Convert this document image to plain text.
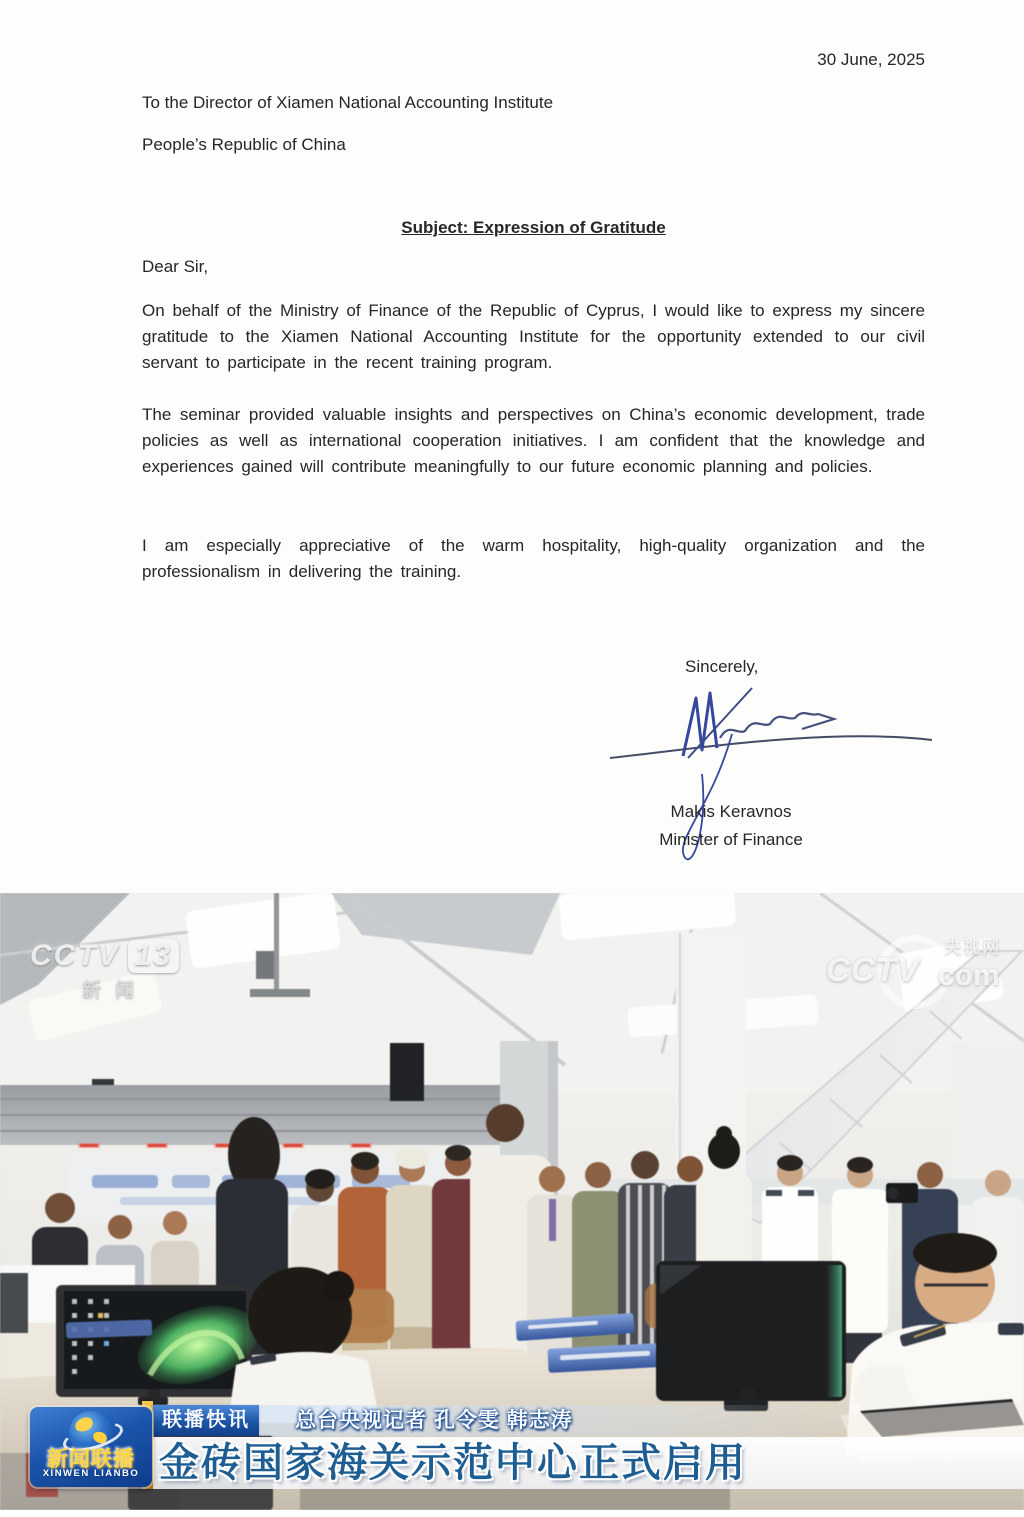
30 June, 2025
To the Director of Xiamen National Accounting Institute
People’s Republic of China
Subject: Expression of Gratitude
Dear Sir,
On behalf of the Ministry of Finance of the Republic of Cyprus, I would like to express my sincere gratitude to the Xiamen National Accounting Institute for the opportunity extended to our civil servant to participate in the recent training program.
The seminar provided valuable insights and perspectives on China’s economic development, trade policies as well as international cooperation initiatives. I am confident that the knowledge and experiences gained will contribute meaningfully to our future economic planning and policies.
I am especially appreciative of the warm hospitality, high-quality organization and the professionalism in delivering the training.
Sincerely,
Makis Keravnos
Minister of Finance
CCTV 13
新闻
CCTV
央视网
com
联播快讯	总台央视记者 孔令雯 韩志涛
金砖国家海关示范中心正式启用
新闻联播
XINWEN LIANBO
